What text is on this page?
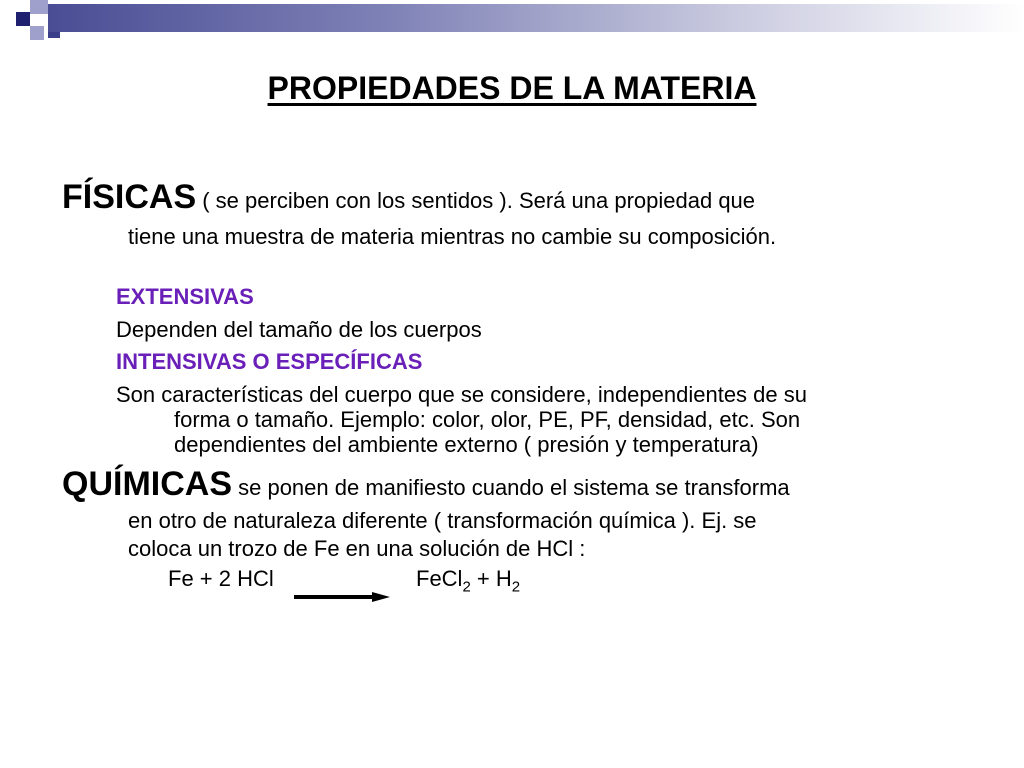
PROPIEDADES DE LA MATERIA
FÍSICAS ( se perciben con los sentidos ). Será una propiedad que
tiene una muestra de materia mientras no cambie su composición.
EXTENSIVAS
Dependen del tamaño de los cuerpos
INTENSIVAS O ESPECÍFICAS
Son características del cuerpo que se considere, independientes de su
forma o tamaño. Ejemplo: color, olor, PE, PF, densidad, etc. Son
dependientes del ambiente externo ( presión y temperatura)
QUÍMICAS se ponen de manifiesto cuando el sistema se transforma
en otro de naturaleza diferente ( transformación química ). Ej. se
coloca un trozo de Fe en una solución de HCl :
Fe + 2 HCl	FeCl$_2$ + $H_2$
